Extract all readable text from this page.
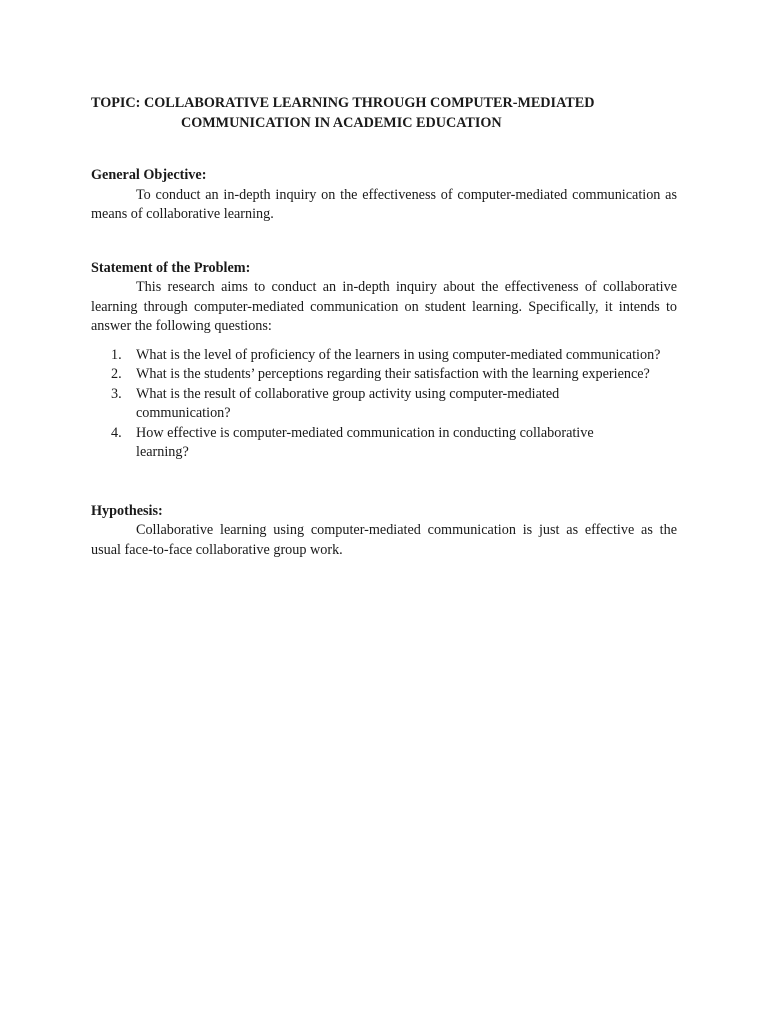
TOPIC: COLLABORATIVE LEARNING THROUGH COMPUTER-MEDIATED
COMMUNICATION IN ACADEMIC EDUCATION

General Objective:

To conduct an in-depth inquiry on the effectiveness of computer-mediated communication as means of collaborative learning.

Statement of the Problem:

This research aims to conduct an in-depth inquiry about the effectiveness of collaborative learning through computer-mediated communication on student learning. Specifically, it intends to answer the following questions:

1. What is the level of proficiency of the learners in using computer-mediated communication?
2. What is the students’ perceptions regarding their satisfaction with the learning experience?
3. What is the result of collaborative group activity using computer-mediated communication?
4. How effective is computer-mediated communication in conducting collaborative learning?

Hypothesis:

Collaborative learning using computer-mediated communication is just as effective as the usual face-to-face collaborative group work.
